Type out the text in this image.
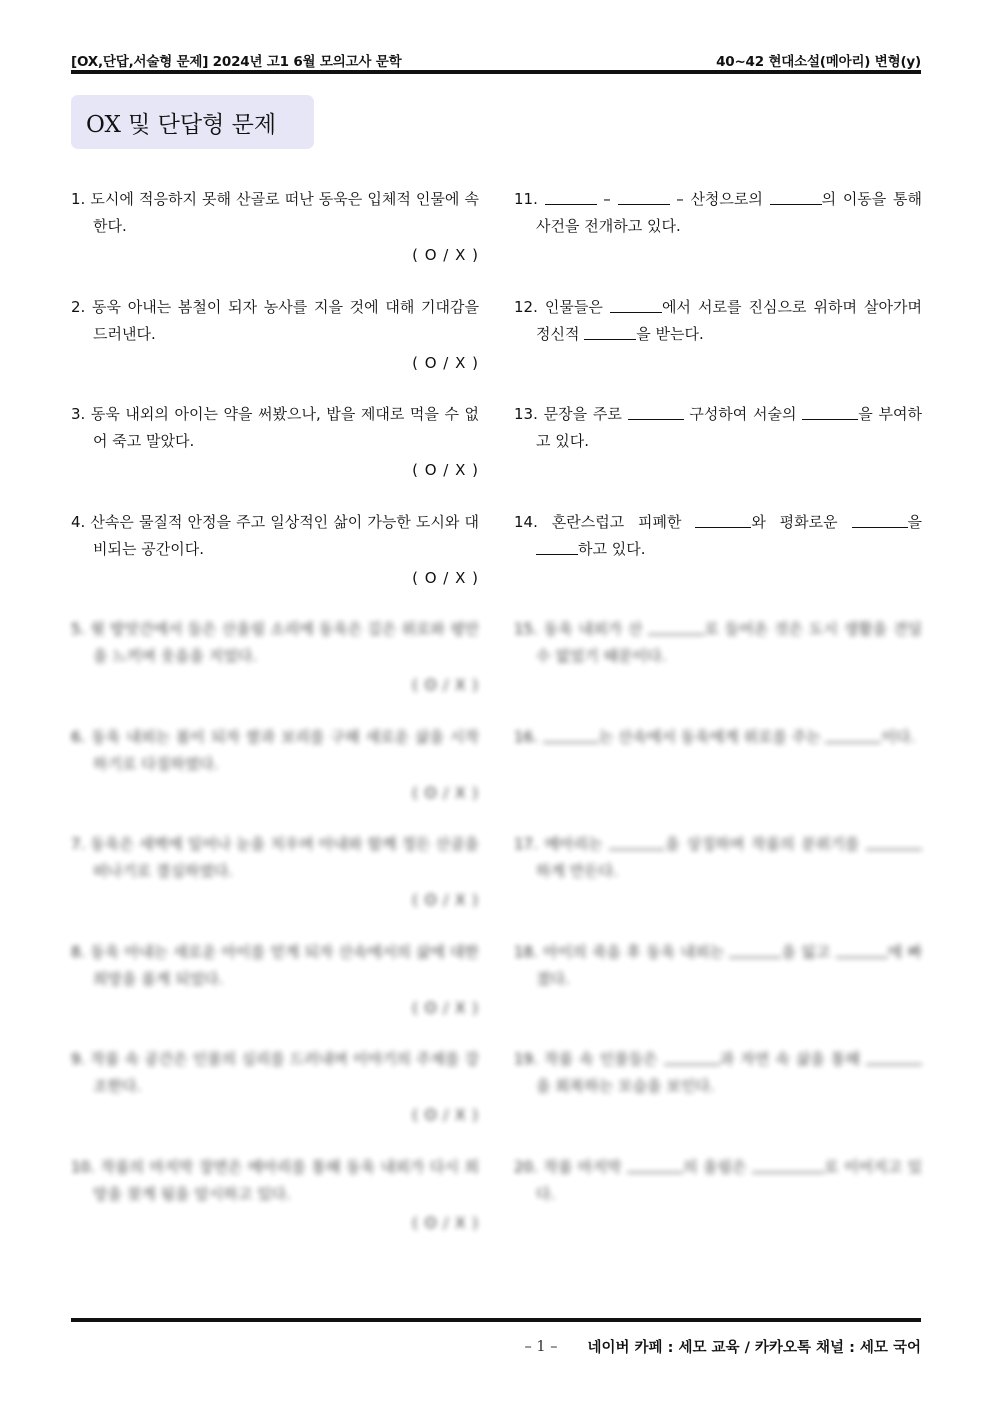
[OX,단답,서술형 문제] 2024년 고1 6월 모의고사 문학	40~42 현대소설(메아리) 변형(y)
OX 및 단답형 문제
1. 도시에 적응하지 못해 산골로 떠난 동욱은 입체적 인물에 속한다.
( O / X )
2. 동욱 아내는 봄철이 되자 농사를 지을 것에 대해 기대감을 드러낸다.
( O / X )
3. 동욱 내외의 아이는 약을 써봤으나, 밥을 제대로 먹을 수 없어 죽고 말았다.
( O / X )
4. 산속은 물질적 안정을 주고 일상적인 삶이 가능한 도시와 대비되는 공간이다.
( O / X )
5. 윗 방앗간에서 들은 산울림 소리에 동욱은 깊은 위로와 평안을 느끼며 웃음을 지었다.
( O / X )
6. 동욱 내외는 봄이 되자 쌀과 보리를 구해 새로운 삶을 시작하기로 다짐하였다.
( O / X )
7. 동욱은 새벽에 일어나 눈을 치우며 아내와 함께 정든 산골을 떠나기로 결심하였다.
( O / X )
8. 동욱 아내는 새로운 아이를 얻게 되자 산속에서의 삶에 대한 희망을 품게 되었다.
( O / X )
9. 작품 속 공간은 인물의 심리를 드러내며 이야기의 주제를 강조한다.
( O / X )
10. 작품의 마지막 장면은 메아리를 통해 동욱 내외가 다시 희망을 찾게 됨을 암시하고 있다.
( O / X )
11.	–	– 산청으로의	의 이동을 통해 사건을 전개하고 있다.
12. 인물들은	에서 서로를 진심으로 위하며 살아가며 정신적	을 받는다.
13. 문장을 주로	구성하여 서술의	을 부여하고 있다.
14. 혼란스럽고 피폐한	와 평화로운	을 하고 있다.
15. 동욱 내외가 산	로 들어온 것은 도시 생활을 견딜 수 없었기 때문이다.
16.	는 산속에서 동욱에게 위로를 주는	이다.
17. 메아리는	을 상징하며 작품의 분위기를 하게 만든다.
18. 아이의 죽음 후 동욱 내외는	을 잃고	에 빠졌다.
19. 작품 속 인물들은	과 자연 속 삶을 통해 을 회복하는 모습을 보인다.
20. 작품 마지막	의 울림은	로 이어지고 있다.
– 1 – 네이버 카페 : 세모 교육 / 카카오톡 채널 : 세모 국어
